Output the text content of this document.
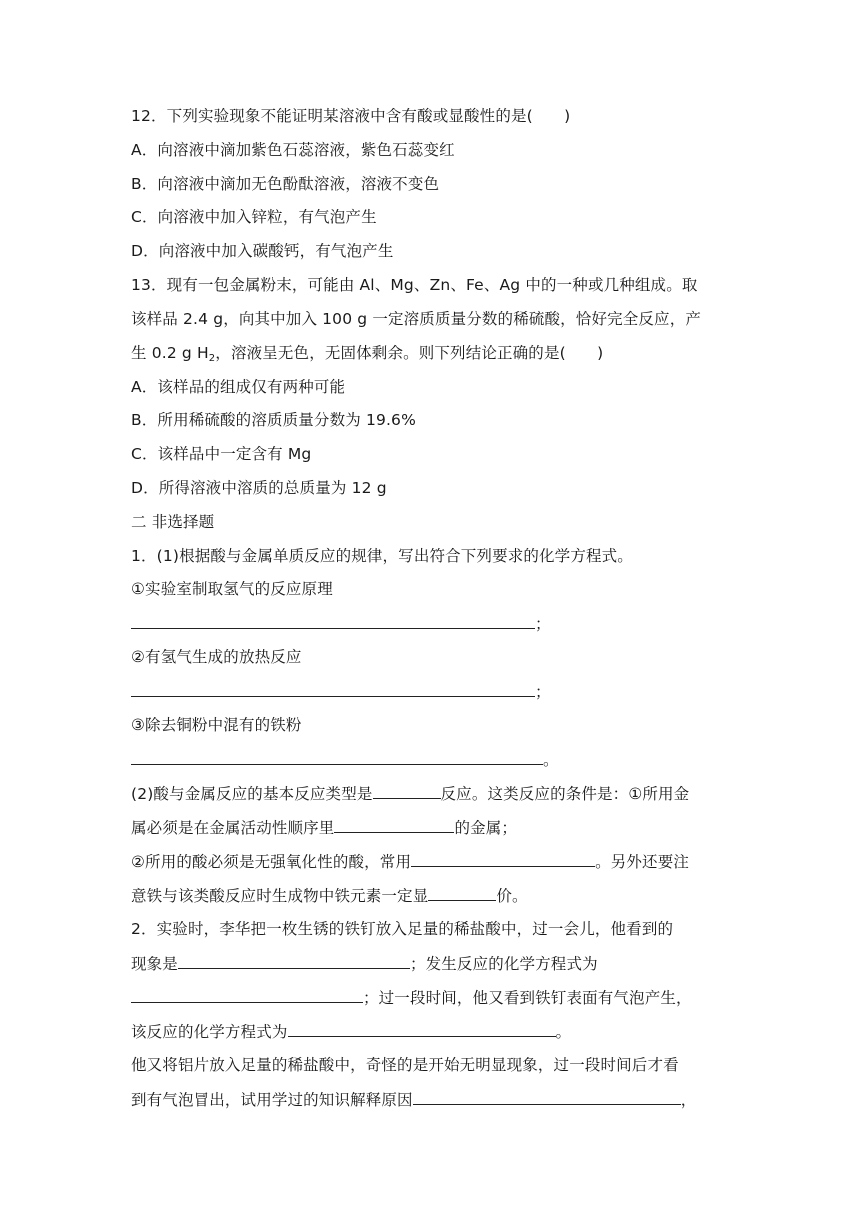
12．下列实验现象不能证明某溶液中含有酸或显酸性的是(　　)
A．向溶液中滴加紫色石蕊溶液，紫色石蕊变红
B．向溶液中滴加无色酚酞溶液，溶液不变色
C．向溶液中加入锌粒，有气泡产生
D．向溶液中加入碳酸钙，有气泡产生
13．现有一包金属粉末，可能由 Al、Mg、Zn、Fe、Ag 中的一种或几种组成。取
该样品 2.4 g，向其中加入 100 g 一定溶质质量分数的稀硫酸，恰好完全反应，产
生 0.2 g $H_2$，溶液呈无色，无固体剩余。则下列结论正确的是(　　)
A．该样品的组成仅有两种可能
B．所用稀硫酸的溶质质量分数为 19.6%
C．该样品中一定含有 Mg
D．所得溶液中溶质的总质量为 12 g
二 非选择题
1．(1)根据酸与金属单质反应的规律，写出符合下列要求的化学方程式。
①实验室制取氢气的反应原理
；
②有氢气生成的放热反应
；
③除去铜粉中混有的铁粉
。
(2)酸与金属反应的基本反应类型是	反应。这类反应的条件是：①所用金
属必须是在金属活动性顺序里	的金属；
②所用的酸必须是无强氧化性的酸，常用	。另外还要注
意铁与该类酸反应时生成物中铁元素一定显	价。
2．实验时，李华把一枚生锈的铁钉放入足量的稀盐酸中，过一会儿，他看到的
现象是	；发生反应的化学方程式为
；过一段时间，他又看到铁钉表面有气泡产生，
该反应的化学方程式为	。
他又将铝片放入足量的稀盐酸中，奇怪的是开始无明显现象，过一段时间后才看
到有气泡冒出，试用学过的知识解释原因	，
